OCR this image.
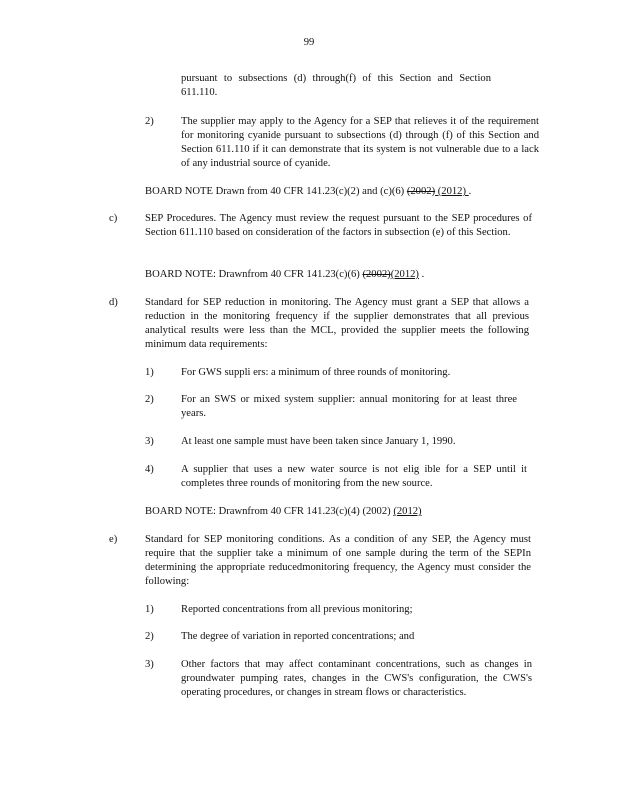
99
pursuant to subsections (d) through(f) of this Section and Section 611.110.
2)	The supplier may apply to the Agency for a SEP that relieves it of the requirement for monitoring cyanide pursuant to subsections (d) through (f) of this Section and Section 611.110 if it can demonstrate that its system is not vulnerable due to a lack of any industrial source of cyanide.
BOARD NOTE Drawn from 40 CFR 141.23(c)(2) and (c)(6) (2002) (2012) .
c)	SEP Procedures. The Agency must review the request pursuant to the SEP procedures of Section 611.110 based on consideration of the factors in subsection (e) of this Section.
BOARD NOTE: Drawnfrom 40 CFR 141.23(c)(6) (2002)(2012) .
d)	Standard for SEP reduction in monitoring. The Agency must grant a SEP that allows a reduction in the monitoring frequency if the supplier demonstrates that all previous analytical results were less than the MCL, provided the supplier meets the following minimum data requirements:
1)	For GWS suppli ers: a minimum of three rounds of monitoring.
2)	For an SWS or mixed system supplier: annual monitoring for at least three years.
3)	At least one sample must have been taken since January 1, 1990.
4)	A supplier that uses a new water source is not elig ible for a SEP until it completes three rounds of monitoring from the new source.
BOARD NOTE: Drawnfrom 40 CFR 141.23(c)(4) (2002) (2012)
e)	Standard for SEP monitoring conditions. As a condition of any SEP, the Agency must require that the supplier take a minimum of one sample during the term of the SEPIn determining the appropriate reducedmonitoring frequency, the Agency must consider the following:
1)	Reported concentrations from all previous monitoring;
2)	The degree of variation in reported concentrations; and
3)	Other factors that may affect contaminant concentrations, such as changes in groundwater pumping rates, changes in the CWS's configuration, the CWS's operating procedures, or changes in stream flows or characteristics.
